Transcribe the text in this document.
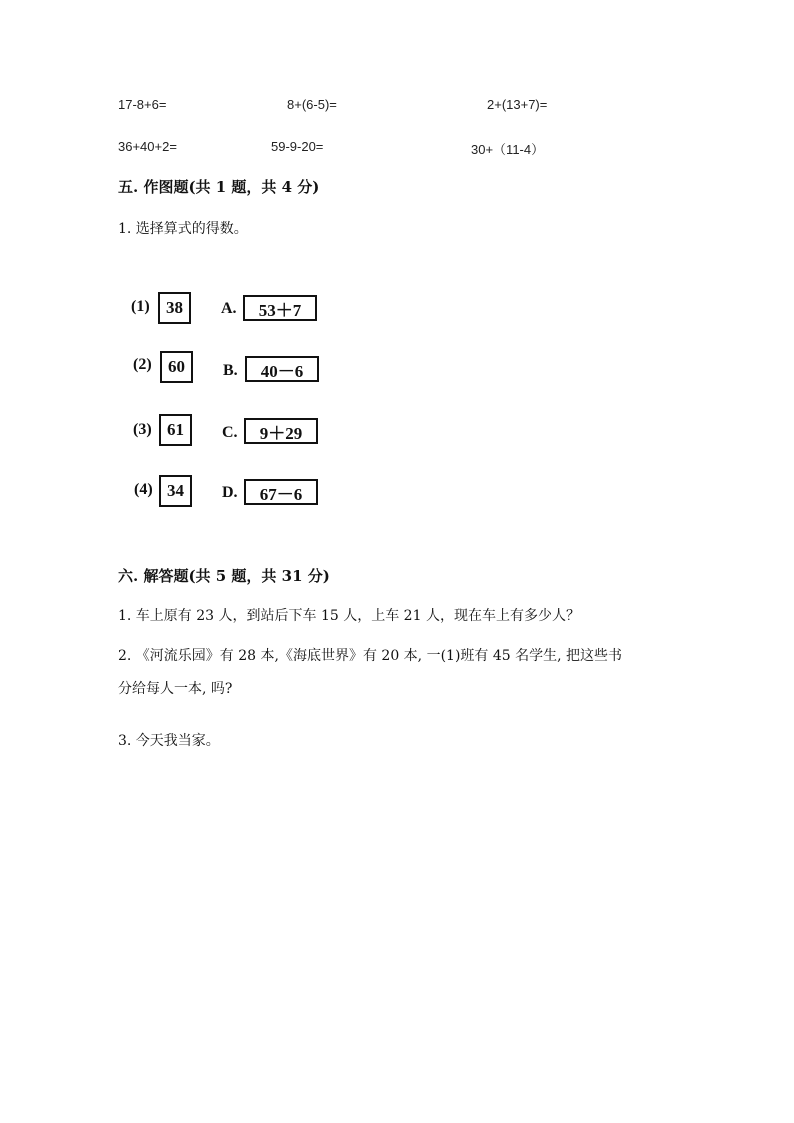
17-8+6=	8+(6-5)=	2+(13+7)=
36+40+2=	59-9-20=	30+（11-4）
五. 作图题(共 1 题，共 4 分)
1. 选择算式的得数。
(1) 38	A.	53＋7
(2) 60	B.	40－6
(3) 61	C.	9＋29
(4) 34	D.	67－6
六. 解答题(共 5 题，共 31 分)
1. 车上原有 23 人，到站后下车 15 人，上车 21 人，现在车上有多少人？
2. 《河流乐园》有 28 本,《海底世界》有 20 本, 一(1)班有 45 名学生, 把这些书
分给每人一本, 吗?
3. 今天我当家。
